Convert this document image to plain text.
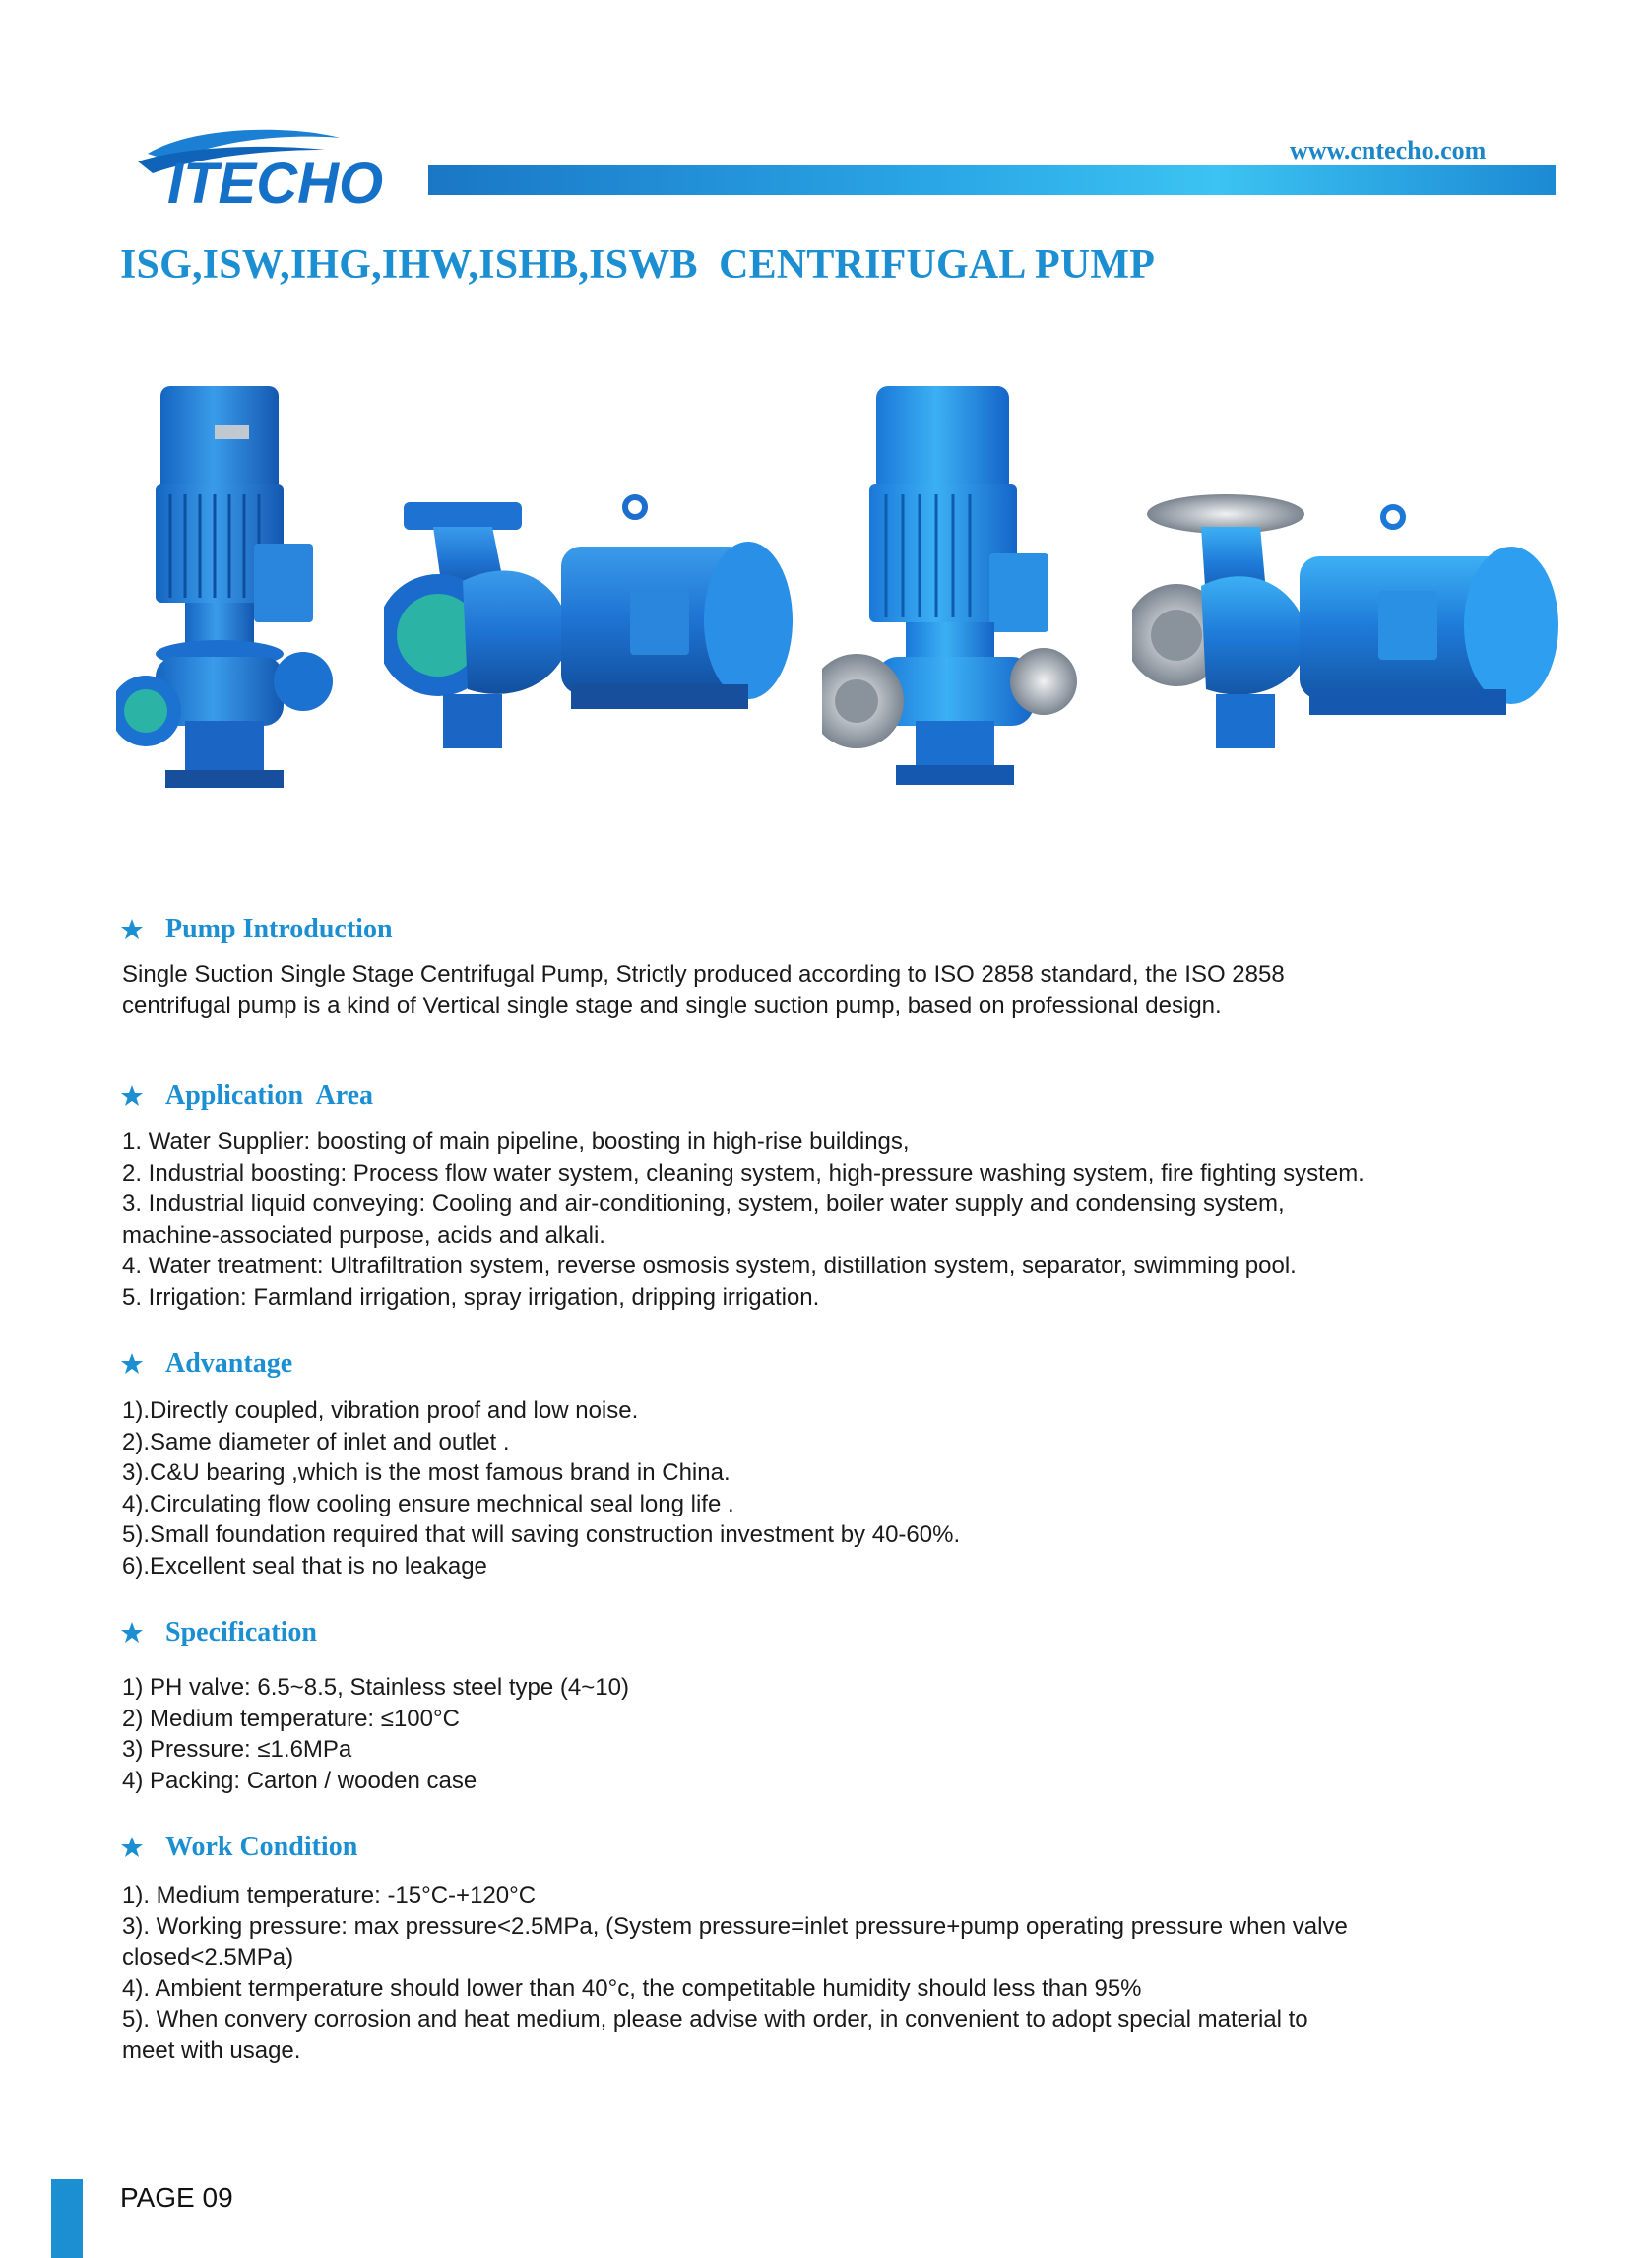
ITECHO
www.cntecho.com
ISG,ISW,IHG,IHW,ISHB,ISWB  CENTRIFUGAL PUMP
Pump Introduction
Single Suction Single Stage Centrifugal Pump, Strictly produced according to ISO 2858 standard, the ISO 2858
centrifugal pump is a kind of Vertical single stage and single suction pump, based on professional design.
Application  Area
1. Water Supplier: boosting of main pipeline, boosting in high-rise buildings,
2. Industrial boosting: Process flow water system, cleaning system, high-pressure washing system, fire fighting system.
3. Industrial liquid conveying: Cooling and air-conditioning, system, boiler water supply and condensing system,
machine-associated purpose, acids and alkali.
4. Water treatment: Ultrafiltration system, reverse osmosis system, distillation system, separator, swimming pool.
5. Irrigation: Farmland irrigation, spray irrigation, dripping irrigation.
Advantage
1).Directly coupled, vibration proof and low noise.
2).Same diameter of inlet and outlet .
3).C&U bearing ,which is the most famous brand in China.
4).Circulating flow cooling ensure mechnical seal long life .
5).Small foundation required that will saving construction investment by 40-60%.
6).Excellent seal that is no leakage
Specification
1) PH valve: 6.5~8.5, Stainless steel type (4~10)
2) Medium temperature: ≤100°C
3) Pressure: ≤1.6MPa
4) Packing: Carton / wooden case
Work Condition
1). Medium temperature: -15°C-+120°C
3). Working pressure: max pressure<2.5MPa, (System pressure=inlet pressure+pump operating pressure when valve
closed<2.5MPa)
4). Ambient termperature should lower than 40°c, the competitable humidity should less than 95%
5). When convery corrosion and heat medium, please advise with order, in convenient to adopt special material to
meet with usage.
PAGE 09
